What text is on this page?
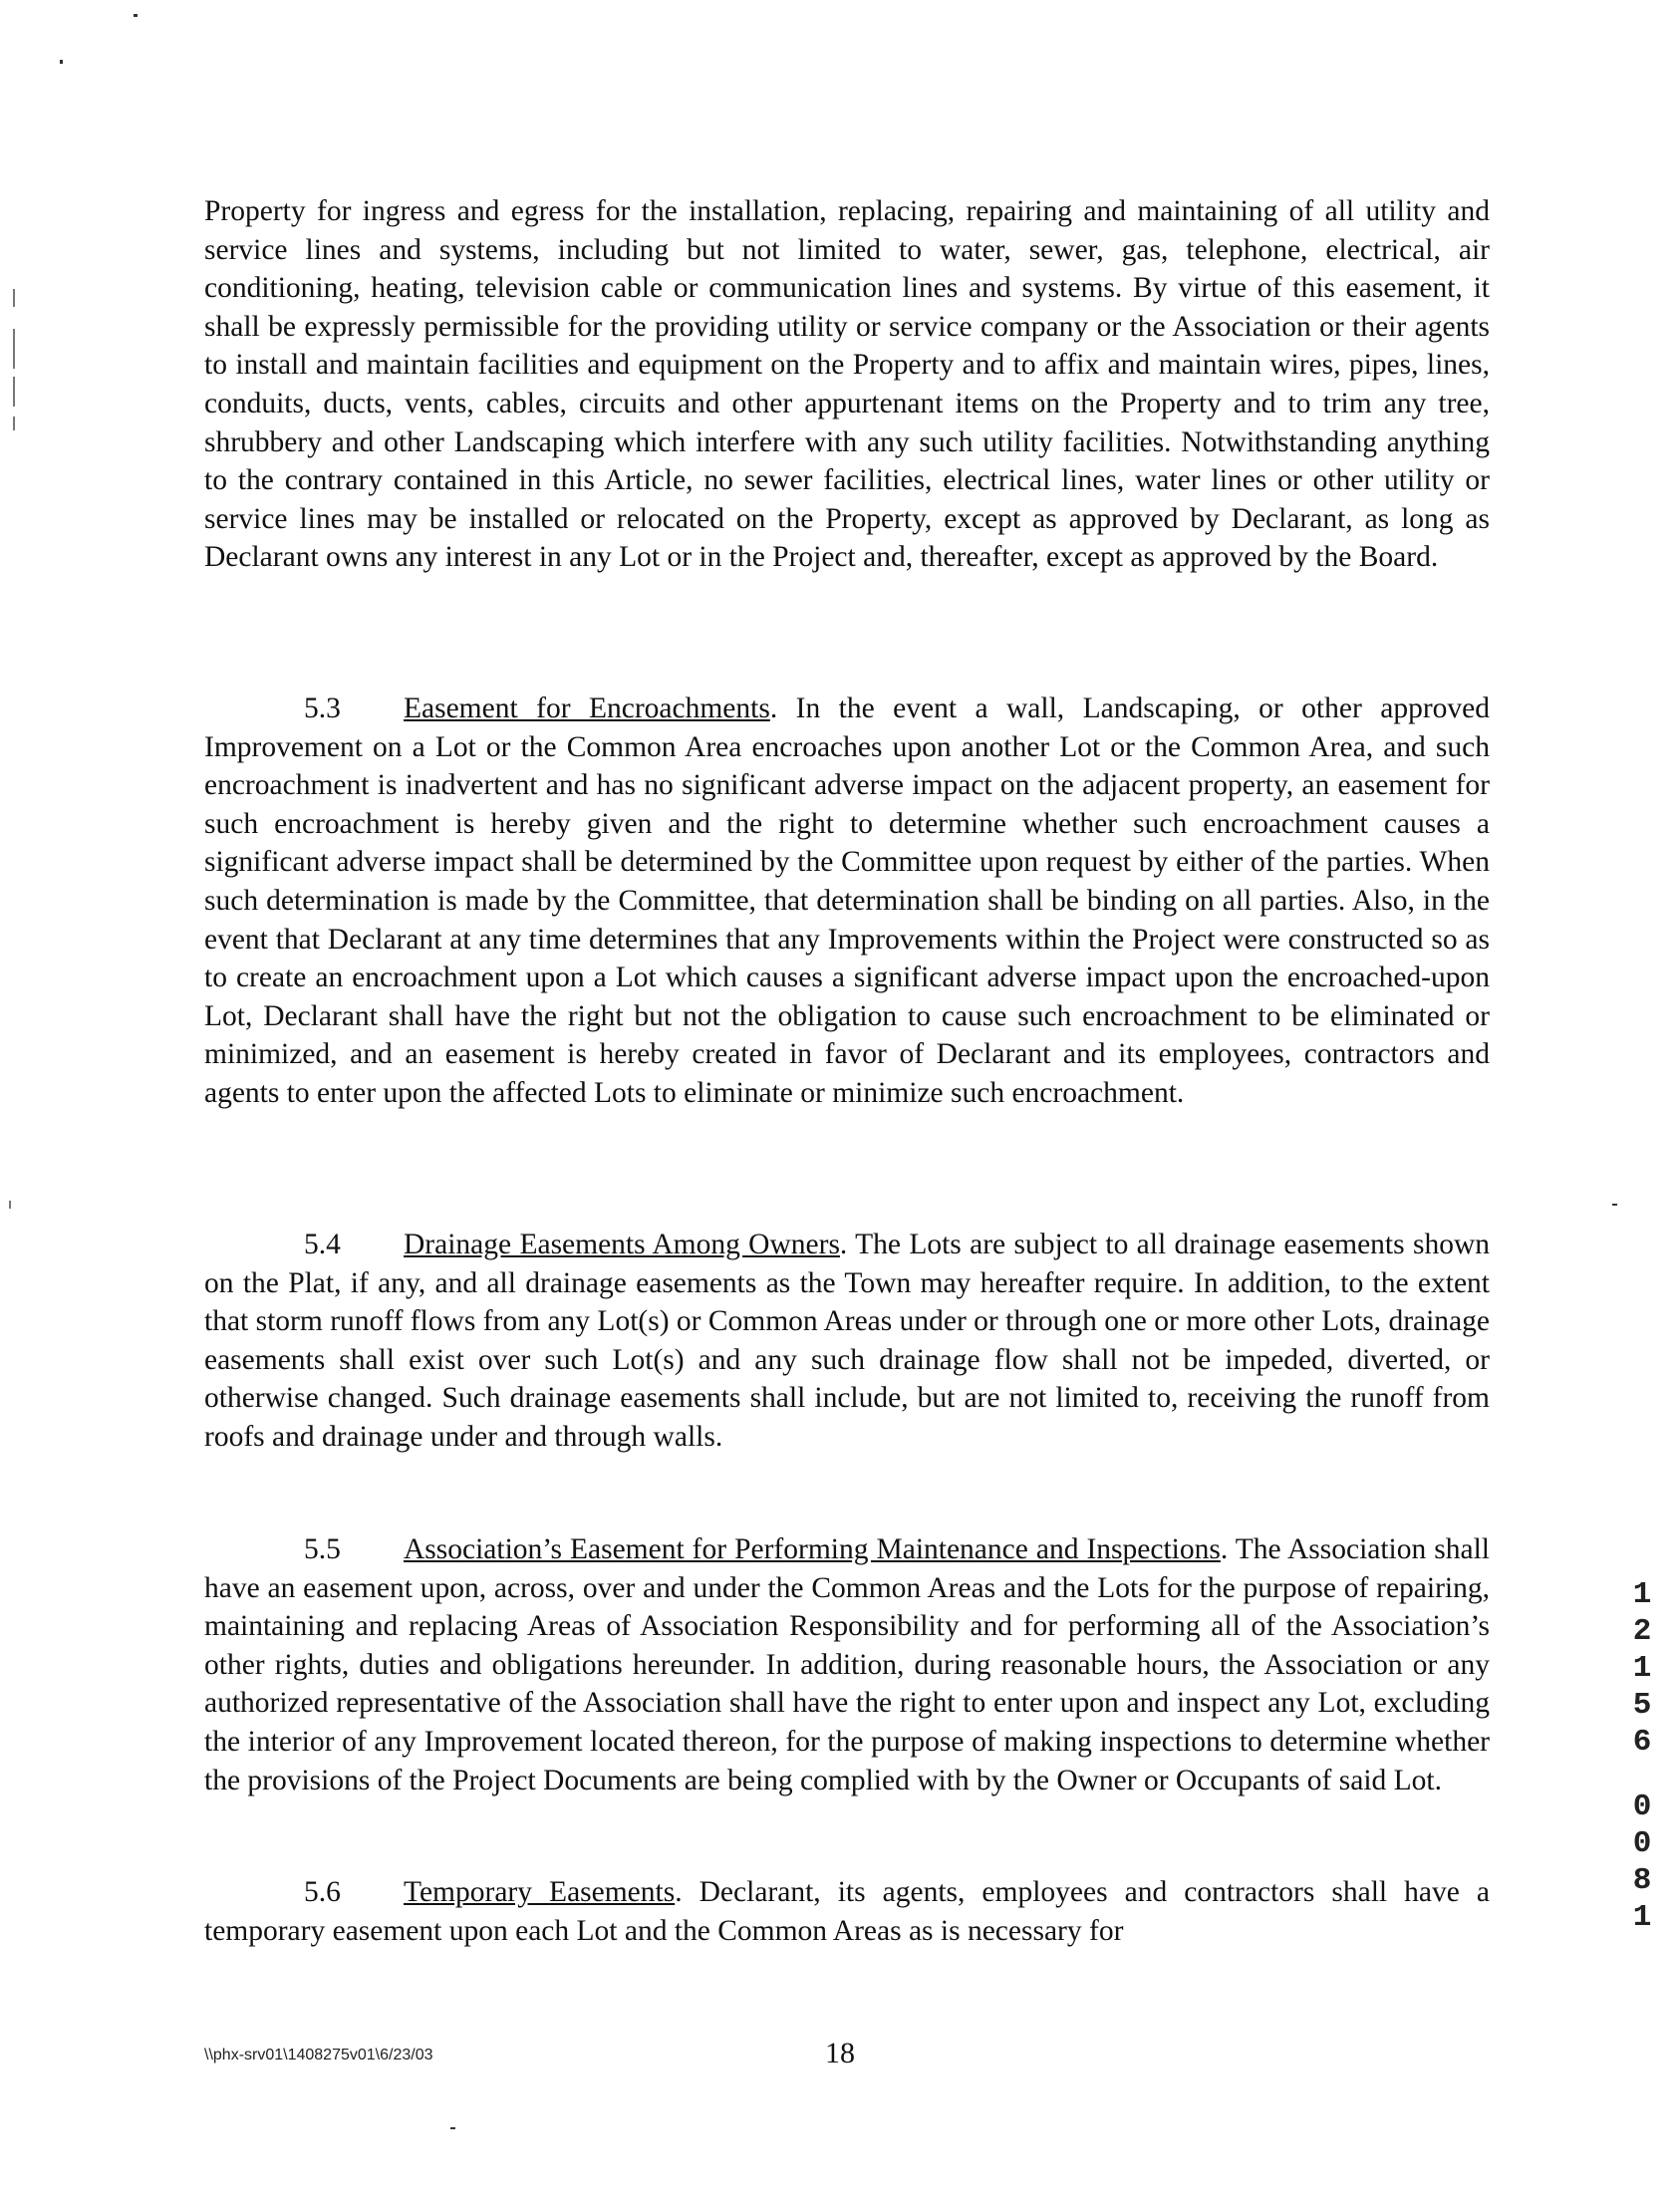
Property for ingress and egress for the installation, replacing, repairing and maintaining of all utility and service lines and systems, including but not limited to water, sewer, gas, telephone, electrical, air conditioning, heating, television cable or communication lines and systems. By virtue of this easement, it shall be expressly permissible for the providing utility or service company or the Association or their agents to install and maintain facilities and equipment on the Property and to affix and maintain wires, pipes, lines, conduits, ducts, vents, cables, circuits and other appurtenant items on the Property and to trim any tree, shrubbery and other Landscaping which interfere with any such utility facilities. Notwithstanding anything to the contrary contained in this Article, no sewer facilities, electrical lines, water lines or other utility or service lines may be installed or relocated on the Property, except as approved by Declarant, as long as Declarant owns any interest in any Lot or in the Project and, thereafter, except as approved by the Board.

5.3 Easement for Encroachments. In the event a wall, Landscaping, or other approved Improvement on a Lot or the Common Area encroaches upon another Lot or the Common Area, and such encroachment is inadvertent and has no significant adverse impact on the adjacent property, an easement for such encroachment is hereby given and the right to determine whether such encroachment causes a significant adverse impact shall be determined by the Committee upon request by either of the parties. When such determination is made by the Committee, that determination shall be binding on all parties. Also, in the event that Declarant at any time determines that any Improvements within the Project were constructed so as to create an encroachment upon a Lot which causes a significant adverse impact upon the encroached-upon Lot, Declarant shall have the right but not the obligation to cause such encroachment to be eliminated or minimized, and an easement is hereby created in favor of Declarant and its employees, contractors and agents to enter upon the affected Lots to eliminate or minimize such encroachment.

5.4 Drainage Easements Among Owners. The Lots are subject to all drainage easements shown on the Plat, if any, and all drainage easements as the Town may hereafter require. In addition, to the extent that storm runoff flows from any Lot(s) or Common Areas under or through one or more other Lots, drainage easements shall exist over such Lot(s) and any such drainage flow shall not be impeded, diverted, or otherwise changed. Such drainage easements shall include, but are not limited to, receiving the runoff from roofs and drainage under and through walls.

5.5 Association’s Easement for Performing Maintenance and Inspections. The Association shall have an easement upon, across, over and under the Common Areas and the Lots for the purpose of repairing, maintaining and replacing Areas of Association Responsibility and for performing all of the Association’s other rights, duties and obligations hereunder. In addition, during reasonable hours, the Association or any authorized representative of the Association shall have the right to enter upon and inspect any Lot, excluding the interior of any Improvement located thereon, for the purpose of making inspections to determine whether the provisions of the Project Documents are being complied with by the Owner or Occupants of said Lot.

5.6 Temporary Easements. Declarant, its agents, employees and contractors shall have a temporary easement upon each Lot and the Common Areas as is necessary for

\\phx-srv01\1408275v01\6/23/03	18
1
2
1
5
6
0
0
8
1
